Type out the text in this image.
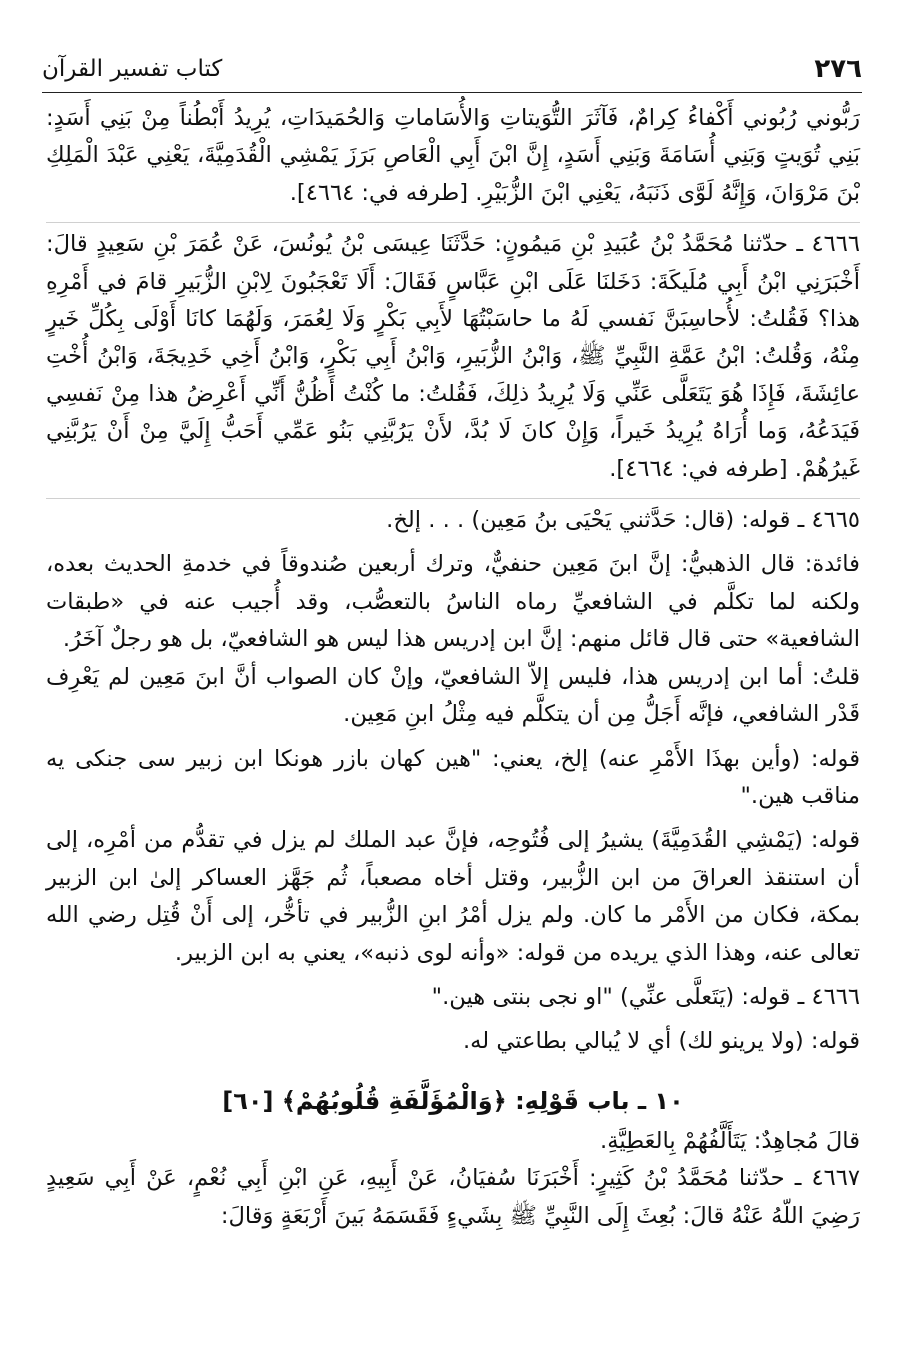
٢٧٦
كتاب تفسير القرآن

رَبُّوني رُبُوني أَكْفاءُ كِرامٌ، فَآثَرَ التُّوَيتاتِ وَالأُسَاماتِ وَالحُمَيدَاتِ، يُرِيدُ أَبْطُناً مِنْ بَنِي أَسَدٍ: بَنِي تُوَيتٍ وَبَنِي أُسَامَةَ وَبَنِي أَسَدٍ، إِنَّ ابْنَ أَبِي الْعَاصِ بَرَزَ يَمْشِي الْقُدَمِيَّةَ، يَعْنِي عَبْدَ الْمَلِكِ بْنَ مَرْوَانَ، وَإِنَّهُ لَوَّى ذَنَبَهُ، يَعْنِي ابْنَ الزُّبَيْرِ. [طرفه في: ٤٦٦٤].

٤٦٦٦ ـ حدّثنا مُحَمَّدُ بْنُ عُبَيدِ بْنِ مَيمُونٍ: حَدَّثَنَا عِيسَى بْنُ يُونُسَ، عَنْ عُمَرَ بْنِ سَعِيدٍ قالَ: أَخْبَرَنِي ابْنُ أَبِي مُلَيكَةَ: دَخَلنَا عَلَى ابْنِ عَبَّاسٍ فَقَالَ: أَلَا تَعْجَبُونَ لِابْنِ الزُّبَيرِ قامَ في أَمْرِهِ هذا؟ فَقُلتُ: لأُحاسِبَنَّ نَفسي لَهُ ما حاسَبْتُهَا لأَبِي بَكْرٍ وَلَا لِعُمَرَ، وَلَهُمَا كانَا أَوْلَى بِكُلِّ خَيرٍ مِنْهُ، وَقُلتُ: ابْنُ عَمَّةِ النَّبِيِّ ﷺ، وَابْنُ الزُّبَيرِ، وَابْنُ أَبِي بَكْرٍ، وَابْنُ أَخِي خَدِيجَةَ، وَابْنُ أُخْتِ عائِشَةَ، فَإِذَا هُوَ يَتَعَلَّى عَنِّي وَلَا يُرِيدُ ذلِكَ، فَقُلتُ: ما كُنْتُ أَظُنُّ أَنِّي أَعْرِضُ هذا مِنْ نَفسِي فَيَدَعُهُ، وَما أُرَاهُ يُرِيدُ خَيراً، وَإِنْ كانَ لَا بُدَّ، لأَنْ يَرُبَّنِي بَنُو عَمِّي أَحَبُّ إِلَيَّ مِنْ أَنْ يَرُبَّنِي غَيرُهُمْ. [طرفه في: ٤٦٦٤].

٤٦٦٥ ـ قوله: (قال: حَدَّثني يَحْيَى بنُ مَعِين) . . . إلخ.

فائدة: قال الذهبيُّ: إنَّ ابنَ مَعِين حنفيٌّ، وترك أربعين صُندوقاً في خدمةِ الحديث بعده، ولكنه لما تكلَّم في الشافعيِّ رماه الناسُ بالتعصُّب، وقد أُجيب عنه في «طبقات الشافعية» حتى قال قائل منهم: إنَّ ابن إدريس هذا ليس هو الشافعيّ، بل هو رجلٌ آخَرُ.

قلتُ: أما ابن إدريس هذا، فليس إلاّ الشافعيّ، وإنْ كان الصواب أنَّ ابنَ مَعِين لم يَعْرِف قَدْر الشافعي، فإنَّه أَجَلُّ مِن أن يتكلَّم فيه مِثْلُ ابنِ مَعِين.

قوله: (وأين بهذَا الأَمْرِ عنه) إلخ، يعني: "هين كهان بازر هونكا ابن زبير سى جنكى يه مناقب هين."

قوله: (يَمْشِي القُدَمِيَّةَ) يشيرُ إلى فُتُوحِه، فإنَّ عبد الملك لم يزل في تقدُّم من أمْرِه، إلى أن استنقذ العراقَ من ابن الزُّبير، وقتل أخاه مصعباً، ثُم جَهَّز العساكر إلىٰ ابن الزبير بمكة، فكان من الأَمْر ما كان. ولم يزل أمْرُ ابنِ الزُّبير في تأخُّر، إلى أَنْ قُتِل رضي الله تعالى عنه، وهذا الذي يريده من قوله: «وأنه لوى ذنبه»، يعني به ابن الزبير.

٤٦٦٦ ـ قوله: (يَتَعلَّى عنِّي) "او نجى بنتى هين."

قوله: (ولا يرينو لك) أي لا يُبالي بطاعتي له.

١٠ ـ باب قَوْلِهِ: ﴿وَالْمُؤَلَّفَةِ قُلُوبُهُمْ﴾ [٦٠]

قالَ مُجاهِدٌ: يَتَأَلَّفُهُمْ بِالعَطِيَّةِ.

٤٦٦٧ ـ حدّثنا مُحَمَّدُ بْنُ كَثِيرٍ: أَخْبَرَنَا سُفيَانُ، عَنْ أَبِيهِ، عَنِ ابْنِ أَبِي نُعْمٍ، عَنْ أَبِي سَعِيدٍ رَضِيَ اللّهُ عَنْهُ قالَ: بُعِثَ إِلَى النَّبِيِّ ﷺ بِشَيءٍ فَقَسَمَهُ بَينَ أَرْبَعَةٍ وَقالَ:
